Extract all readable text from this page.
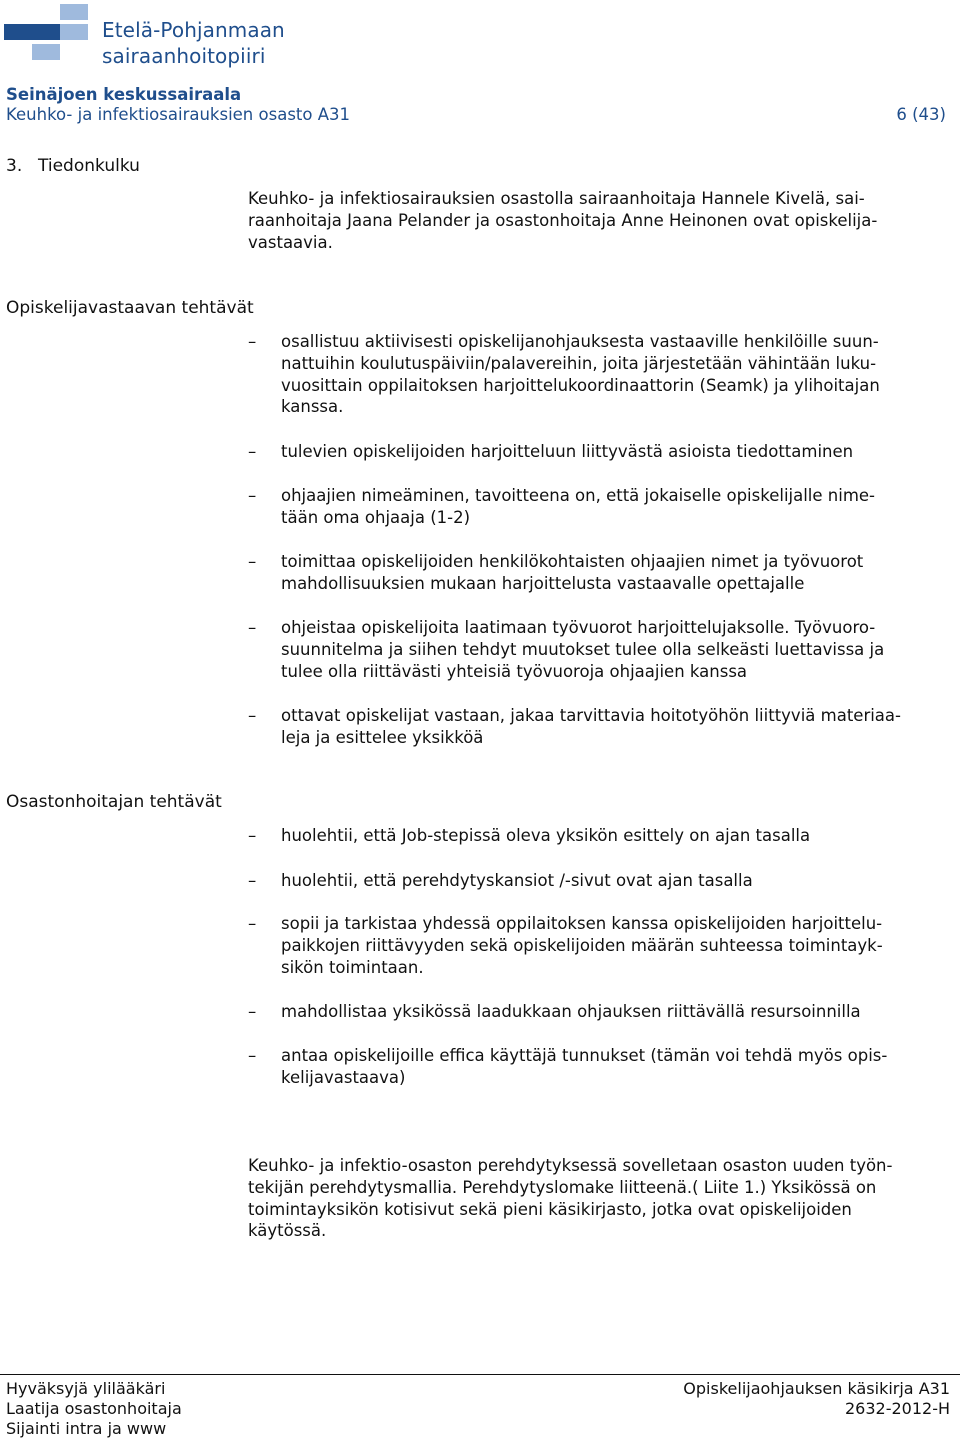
Etelä-Pohjanmaan
sairaanhoitopiiri
Seinäjoen keskussairaala
Keuhko- ja infektiosairauksien osasto A31	6 (43)
3. Tiedonkulku
Keuhko- ja infektiosairauksien osastolla sairaanhoitaja Hannele Kivelä, sai-
raanhoitaja Jaana Pelander ja osastonhoitaja Anne Heinonen ovat opiskelija-
vastaavia.
Opiskelijavastaavan tehtävät
–	osallistuu aktiivisesti opiskelijanohjauksesta vastaaville henkilöille suun-
nattuihin koulutuspäiviin/palavereihin, joita järjestetään vähintään luku-
vuosittain oppilaitoksen harjoittelukoordinaattorin (Seamk) ja ylihoitajan
kanssa.
–	tulevien opiskelijoiden harjoitteluun liittyvästä asioista tiedottaminen
–	ohjaajien nimeäminen, tavoitteena on, että jokaiselle opiskelijalle nime-
tään oma ohjaaja (1-2)
–	toimittaa opiskelijoiden henkilökohtaisten ohjaajien nimet ja työvuorot
mahdollisuuksien mukaan harjoittelusta vastaavalle opettajalle
–	ohjeistaa opiskelijoita laatimaan työvuorot harjoittelujaksolle. Työvuoro-
suunnitelma ja siihen tehdyt muutokset tulee olla selkeästi luettavissa ja
tulee olla riittävästi yhteisiä työvuoroja ohjaajien kanssa
–	ottavat opiskelijat vastaan, jakaa tarvittavia hoitotyöhön liittyviä materiaa-
leja ja esittelee yksikköä
Osastonhoitajan tehtävät
–	huolehtii, että Job-stepissä oleva yksikön esittely on ajan tasalla
–	huolehtii, että perehdytyskansiot /-sivut ovat ajan tasalla
–	sopii ja tarkistaa yhdessä oppilaitoksen kanssa opiskelijoiden harjoittelu-
paikkojen riittävyyden sekä opiskelijoiden määrän suhteessa toimintayk-
sikön toimintaan.
–	mahdollistaa yksikössä laadukkaan ohjauksen riittävällä resursoinnilla
–	antaa opiskelijoille effica käyttäjä tunnukset (tämän voi tehdä myös opis-
kelijavastaava)
Keuhko- ja infektio-osaston perehdytyksessä sovelletaan osaston uuden työn-
tekijän perehdytysmallia. Perehdytyslomake liitteenä.( Liite 1.) Yksikössä on
toimintayksikön kotisivut sekä pieni käsikirjasto, jotka ovat opiskelijoiden
käytössä.
Hyväksyjä ylilääkäri
Laatija osastonhoitaja
Sijainti intra ja www
Opiskelijaohjauksen käsikirja A31
2632-2012-H
